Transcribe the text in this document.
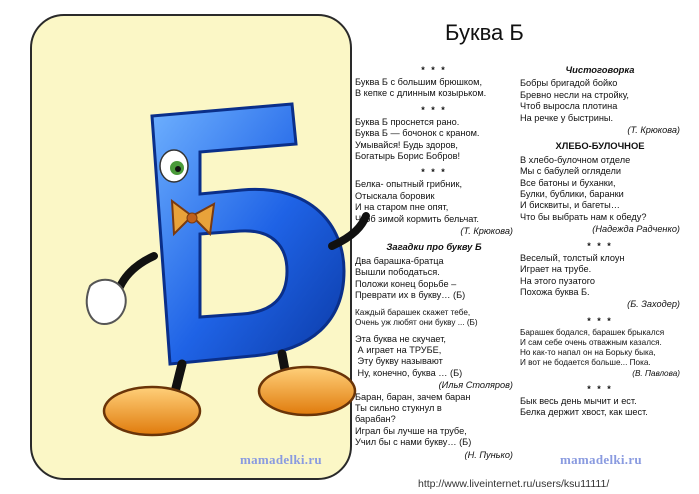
mamadelki.ru
Буква Б
* * *
Буква Б с большим брюшком,
В кепке с длинным козырьком.
* * *
Буква Б проснется рано.
Буква Б — бочонок с краном.
Умывайся! Будь здоров,
Богатырь Борис Бобров!
* * *
Белка- опытный грибник,
Отыскала боровик
И на старом пне опят,
Чтоб зимой кормить бельчат.
(Т. Крюкова)
Загадки про букву Б
Два барашка-братца
Вышли пободаться.
Положи конец борьбе –
Преврати их в букву… (Б)
Каждый барашек скажет тебе,
Очень уж любят они букву ... (Б)
Эта буква не скучает,
А играет на ТРУБЕ,
Эту букву называют
Ну, конечно, буква … (Б)
(Илья Столяров)
Баран, баран, зачем баран
Ты сильно стукнул в
барабан?
Играл бы лучше на трубе,
Учил бы с нами букву… (Б)
(Н. Пунько)
Чистоговорка
Бобры бригадой бойко
Бревно несли на стройку,
Чтоб выросла плотина
На речке у быстрины.
(Т. Крюкова)
ХЛЕБО-БУЛОЧНОЕ
В хлебо-булочном отделе
Мы с бабулей оглядели
Все батоны и буханки,
Булки, бублики, баранки
И бисквиты, и багеты…
Что бы выбрать нам к обеду?
(Надежда Радченко)
* * *
Веселый, толстый клоун
Играет на трубе.
На этого пузатого
Похожа буква Б.
(Б. Заходер)
* * *
Барашек бодался, барашек брыкался
И сам себе очень отважным казался.
Но как-то напал он на Борьку быка,
И вот не бодается больше... Пока.
(В. Павлова)
* * *
Бык весь день мычит и ест.
Белка держит хвост, как шест.
mamadelki.ru
http://www.liveinternet.ru/users/ksu11111/
